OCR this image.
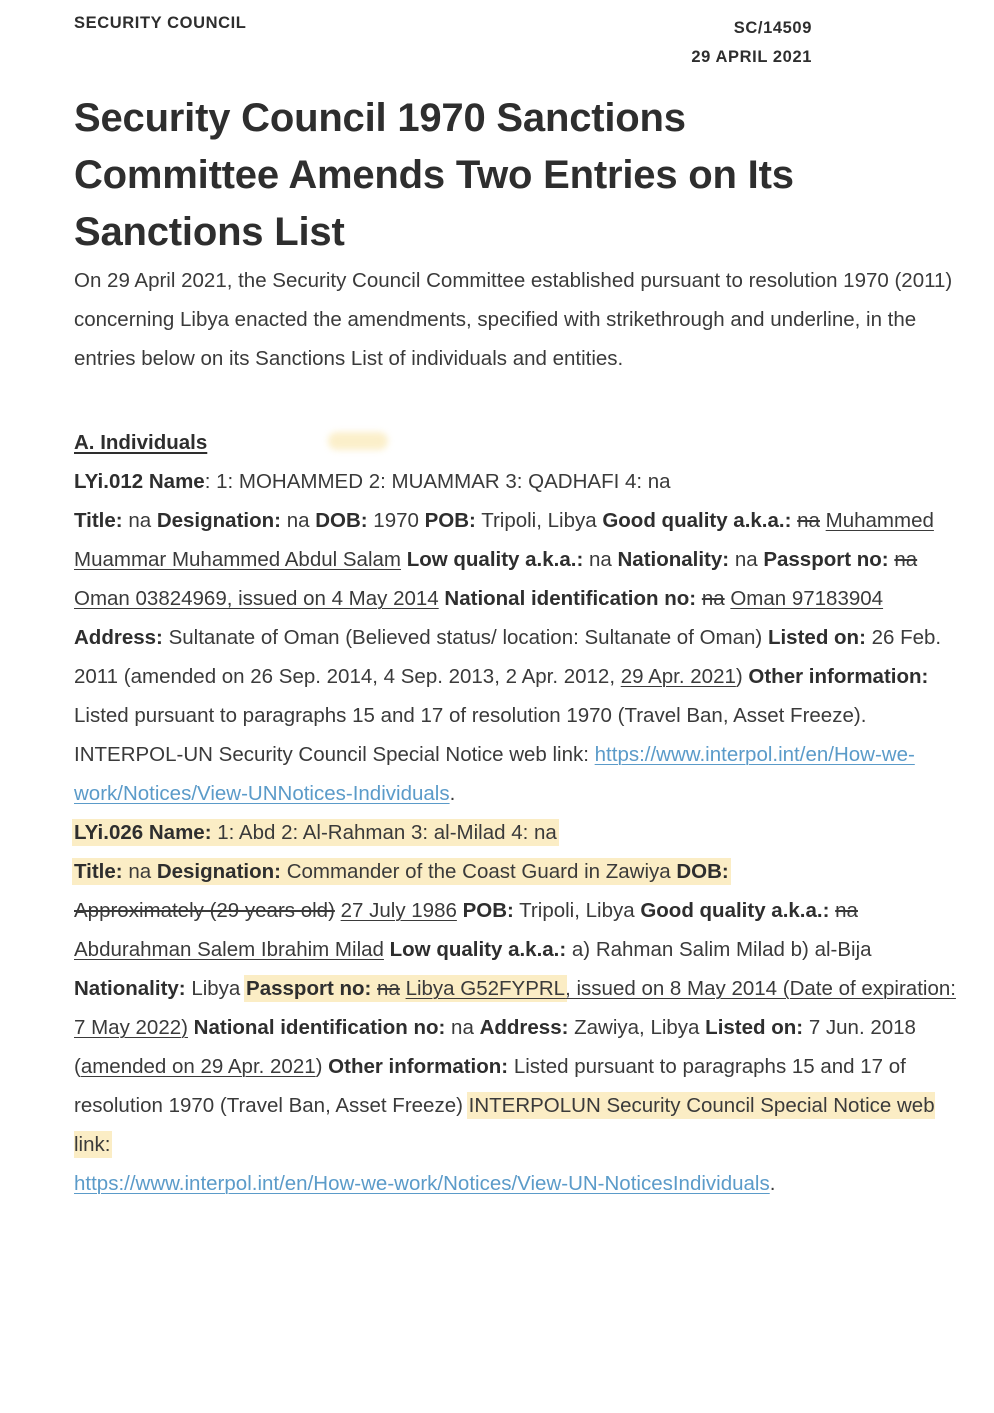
SECURITY COUNCIL	SC/14509
29 APRIL 2021
Security Council 1970 Sanctions Committee Amends Two Entries on Its Sanctions List

On 29 April 2021, the Security Council Committee established pursuant to resolution 1970 (2011) concerning Libya enacted the amendments, specified with strikethrough and underline, in the entries below on its Sanctions List of individuals and entities.

A. Individuals

LYi.012 Name: 1: MOHAMMED 2: MUAMMAR 3: QADHAFI 4: na
Title: na Designation: na DOB: 1970 POB: Tripoli, Libya Good quality a.k.a.: na Muhammed Muammar Muhammed Abdul Salam Low quality a.k.a.: na Nationality: na Passport no: na Oman 03824969, issued on 4 May 2014 National identification no: na Oman 97183904 Address: Sultanate of Oman (Believed status/ location: Sultanate of Oman) Listed on: 26 Feb. 2011 (amended on 26 Sep. 2014, 4 Sep. 2013, 2 Apr. 2012, 29 Apr. 2021) Other information: Listed pursuant to paragraphs 15 and 17 of resolution 1970 (Travel Ban, Asset Freeze). INTERPOL-UN Security Council Special Notice web link: https://www.interpol.int/en/How-we-work/Notices/View-UNNotices-Individuals.

LYi.026 Name: 1: Abd 2: Al-Rahman 3: al-Milad 4: na
Title: na Designation: Commander of the Coast Guard in Zawiya DOB:
Approximately (29 years old) 27 July 1986 POB: Tripoli, Libya Good quality a.k.a.: na Abdurahman Salem Ibrahim Milad Low quality a.k.a.: a) Rahman Salim Milad b) al-Bija Nationality: Libya Passport no: na Libya G52FYPRL, issued on 8 May 2014 (Date of expiration: 7 May 2022) National identification no: na Address: Zawiya, Libya Listed on: 7 Jun. 2018 (amended on 29 Apr. 2021) Other information: Listed pursuant to paragraphs 15 and 17 of resolution 1970 (Travel Ban, Asset Freeze) INTERPOLUN Security Council Special Notice web link:
https://www.interpol.int/en/How-we-work/Notices/View-UN-NoticesIndividuals.
